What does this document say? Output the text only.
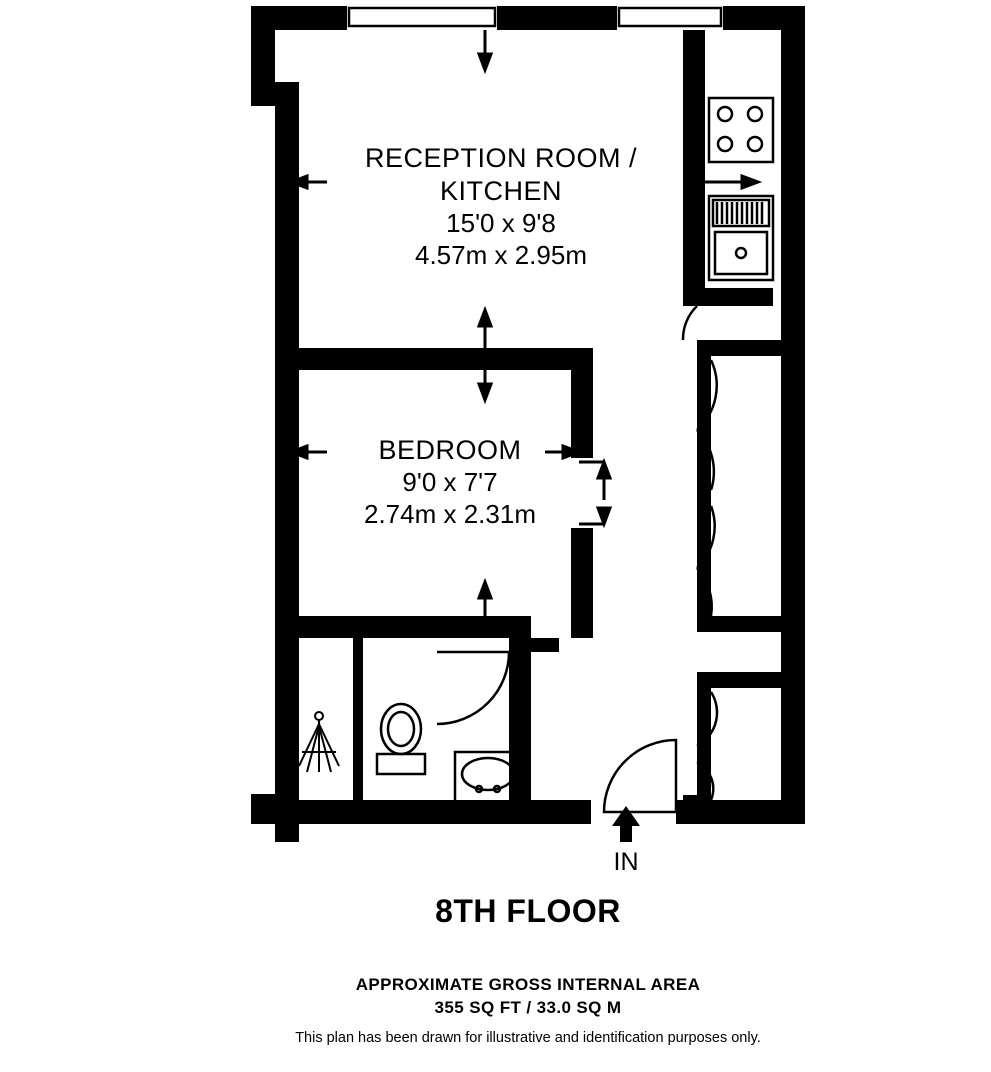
RECEPTION ROOM /
KITCHEN
15'0 x 9'8
4.57m x 2.95m
BEDROOM
9'0 x 7'7
2.74m x 2.31m
IN
8TH FLOOR
APPROXIMATE GROSS INTERNAL AREA
355 SQ FT / 33.0 SQ M
This plan has been drawn for illustrative and identification purposes only.
